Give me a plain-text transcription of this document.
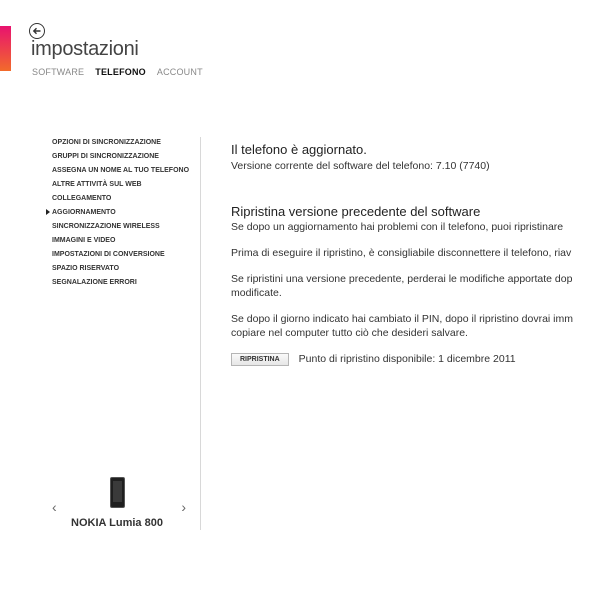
impostazioni
SOFTWARE TELEFONO ACCOUNT
OPZIONI DI SINCRONIZZAZIONE
GRUPPI DI SINCRONIZZAZIONE
ASSEGNA UN NOME AL TUO TELEFONO
ALTRE ATTIVITÀ SUL WEB
COLLEGAMENTO
AGGIORNAMENTO
SINCRONIZZAZIONE WIRELESS
IMMAGINI E VIDEO
IMPOSTAZIONI DI CONVERSIONE
SPAZIO RISERVATO
SEGNALAZIONE ERRORI
‹	›
NOKIA Lumia 800
Il telefono è aggiornato.
Versione corrente del software del telefono: 7.10 (7740)
Ripristina versione precedente del software
Se dopo un aggiornamento hai problemi con il telefono, puoi ripristinare
Prima di eseguire il ripristino, è consigliabile disconnettere il telefono, riav
Se ripristini una versione precedente, perderai le modifiche apportate dop
modificate.
Se dopo il giorno indicato hai cambiato il PIN, dopo il ripristino dovrai imm
copiare nel computer tutto ciò che desideri salvare.
RIPRISTINA	Punto di ripristino disponibile: 1 dicembre 2011
